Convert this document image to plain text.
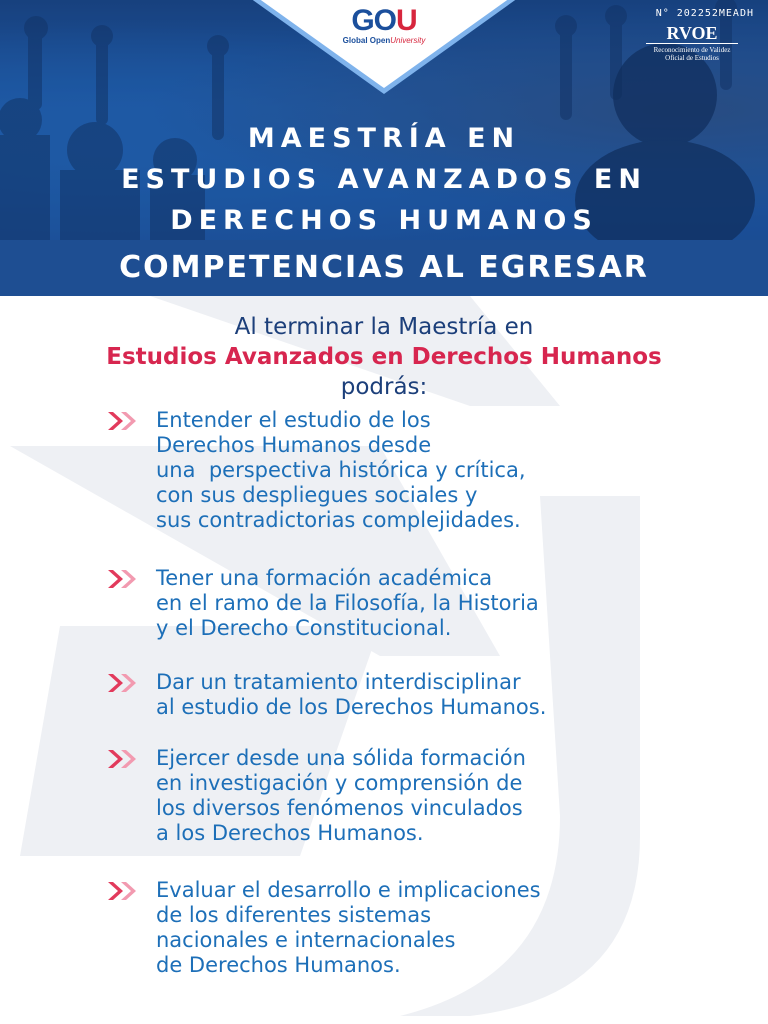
GOU
Global OpenUniversity
N° 202252MEADH
RVOE
Reconocimiento de Validez Oficial de Estudios
MAESTRÍA EN
ESTUDIOS AVANZADOS EN
DERECHOS HUMANOS
COMPETENCIAS AL EGRESAR
Al terminar la Maestría en
Estudios Avanzados en Derechos Humanos
podrás:
Entender el estudio de los
Derechos Humanos desde
una  perspectiva histórica y crítica,
con sus despliegues sociales y
sus contradictorias complejidades.
Tener una formación académica
en el ramo de la Filosofía, la Historia
y el Derecho Constitucional.
Dar un tratamiento interdisciplinar
al estudio de los Derechos Humanos.
Ejercer desde una sólida formación
en investigación y comprensión de
los diversos fenómenos vinculados
a los Derechos Humanos.
Evaluar el desarrollo e implicaciones
de los diferentes sistemas
nacionales e internacionales
de Derechos Humanos.
